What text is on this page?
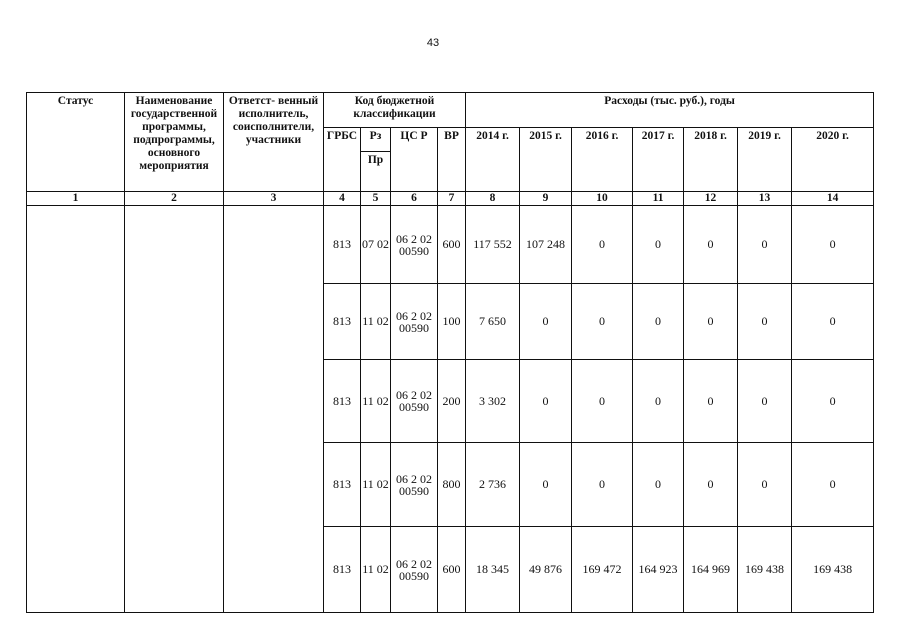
43
Статус	Наименование государственной программы, подпрограммы, основного мероприятия	Ответст- венный исполнитель, соисполнители, участники	Код бюджетной классификации				Расходы (тыс. руб.), годы						
			ГРБС	Рз	ЦС Р	ВР	2014 г.	2015 г.	2016 г.	2017 г.	2018 г.	2019 г.	2020 г.
				Пр									
1	2	3	4	5	6	7	8	9	10	11	12	13	14
			813	07 02	06 2 02 00590	600	117 552	107 248	0	0	0	0	0
			813	11 02	06 2 02 00590	100	7 650	0	0	0	0	0	0
			813	11 02	06 2 02 00590	200	3 302	0	0	0	0	0	0
			813	11 02	06 2 02 00590	800	2 736	0	0	0	0	0	0
			813	11 02	06 2 02 00590	600	18 345	49 876	169 472	164 923	164 969	169 438	169 438
